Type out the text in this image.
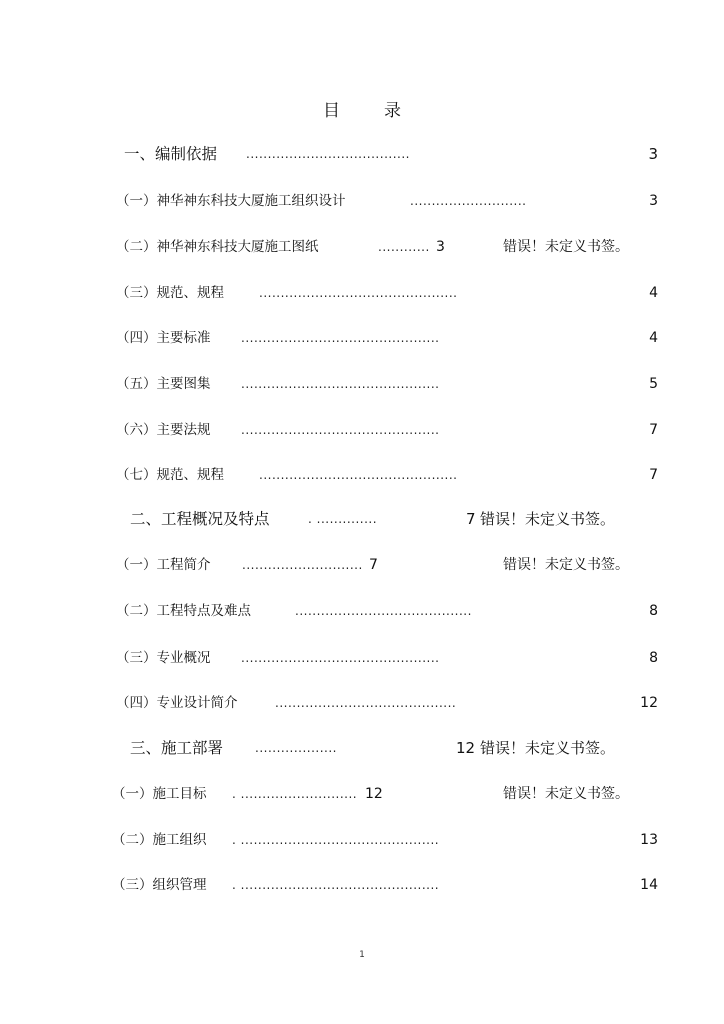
目	录
一、编制依据 ......................................	3
（一）神华神东科技大厦施工组织设计	...........................	3
（二）神华神东科技大厦施工图纸	............ 3	错误！未定义书签。
（三）规范、规程	..............................................	4
（四）主要标准	..............................................	4
（五）主要图集	..............................................	5
（六）主要法规	..............................................	7
（七）规范、规程	..............................................	7
二、工程概况及特点	. ..............	7 错误！未定义书签。
（一）工程简介	............................ 7	错误！未定义书签。
（二）工程特点及难点	.........................................	8
（三）专业概况	..............................................	8
（四）专业设计简介	..........................................	12
三、施工部署	...................	12 错误！未定义书签。
（一）施工目标 . ........................... 12	错误！未定义书签。
（二）施工组织 . ..............................................	13
（三）组织管理 . ..............................................	14
1
